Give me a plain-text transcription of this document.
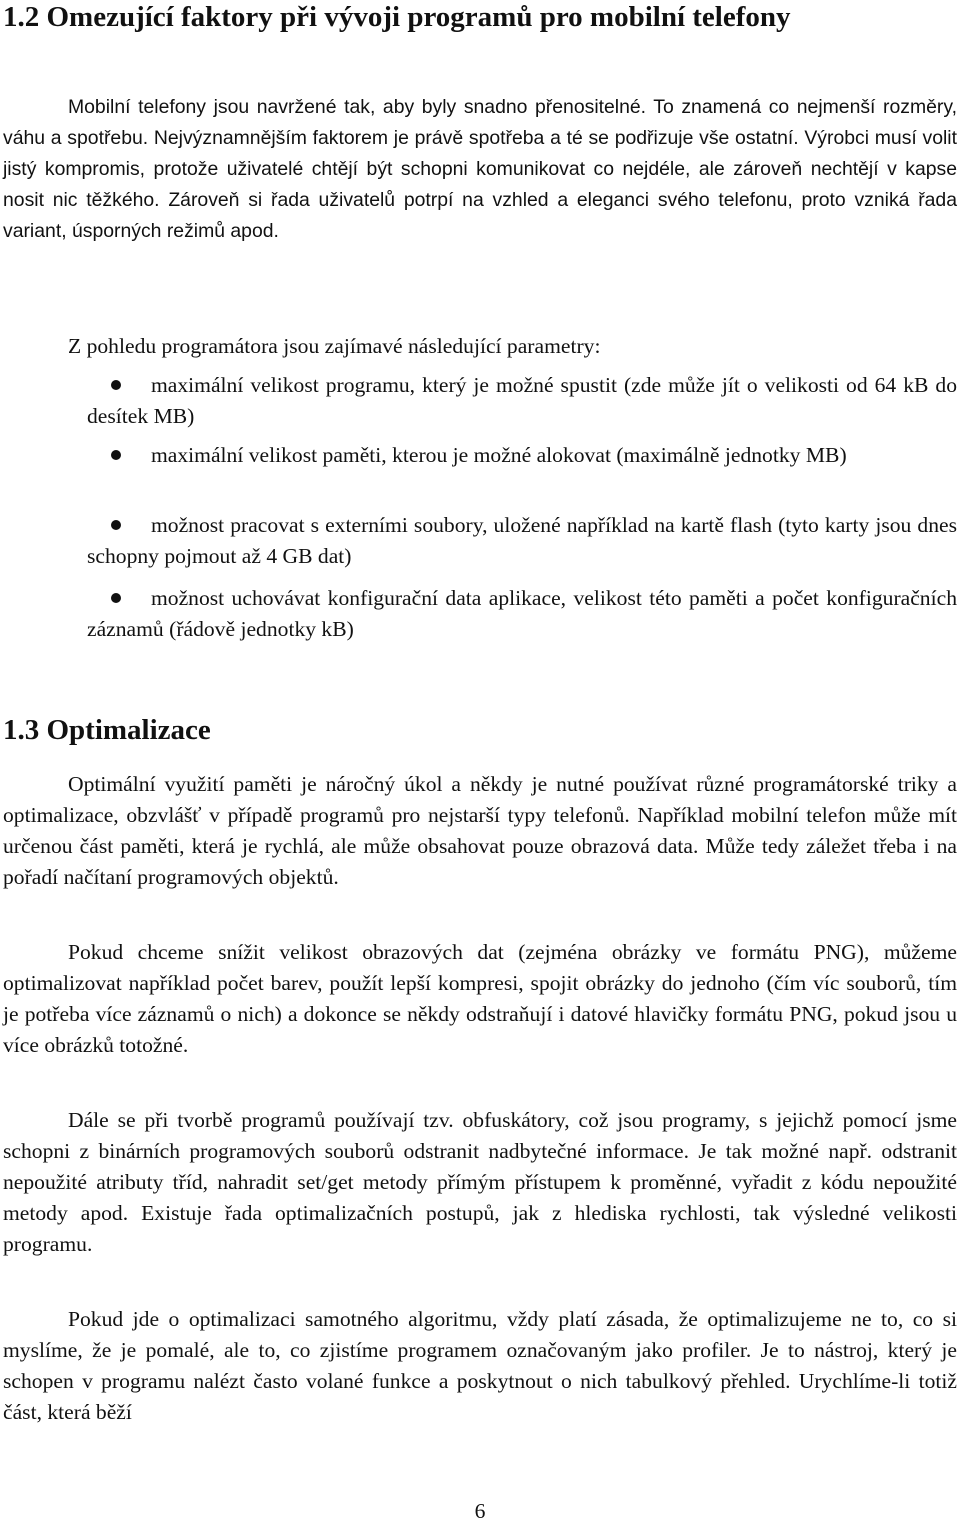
1.2 Omezující faktory při vývoji programů pro mobilní telefony

Mobilní telefony jsou navržené tak, aby byly snadno přenositelné. To znamená co nejmenší rozměry, váhu a spotřebu. Nejvýznamnějším faktorem je právě spotřeba a té se podřizuje vše ostatní. Výrobci musí volit jistý kompromis, protože uživatelé chtějí být schopni komunikovat co nejdéle, ale zároveň nechtějí v kapse nosit nic těžkého. Zároveň si řada uživatelů potrpí na vzhled a eleganci svého telefonu, proto vzniká řada variant, úsporných režimů apod.

Z pohledu programátora jsou zajímavé následující parametry:

maximální velikost programu, který je možné spustit (zde může jít o velikosti od 64 kB do desítek MB)
maximální velikost paměti, kterou je možné alokovat (maximálně jednotky MB)
možnost pracovat s externími soubory, uložené například na kartě flash (tyto karty jsou dnes schopny pojmout až 4 GB dat)
možnost uchovávat konfigurační data aplikace, velikost této paměti a počet konfiguračních záznamů (řádově jednotky kB)
1.3 Optimalizace

Optimální využití paměti je náročný úkol a někdy je nutné používat různé programátorské triky a optimalizace, obzvlášť v případě programů pro nejstarší typy telefonů. Například mobilní telefon může mít určenou část paměti, která je rychlá, ale může obsahovat pouze obrazová data. Může tedy záležet třeba i na pořadí načítaní programových objektů.

Pokud chceme snížit velikost obrazových dat (zejména obrázky ve formátu PNG), můžeme optimalizovat například počet barev, použít lepší kompresi, spojit obrázky do jednoho (čím víc souborů, tím je potřeba více záznamů o nich) a dokonce se někdy odstraňují i datové hlavičky formátu PNG, pokud jsou u více obrázků totožné.

Dále se při tvorbě programů používají tzv. obfuskátory, což jsou programy, s jejichž pomocí jsme schopni z binárních programových souborů odstranit nadbytečné informace. Je tak možné např. odstranit nepoužité atributy tříd, nahradit set/get metody přímým přístupem k proměnné, vyřadit z kódu nepoužité metody apod. Existuje řada optimalizačních postupů, jak z hlediska rychlosti, tak výsledné velikosti programu.

Pokud jde o optimalizaci samotného algoritmu, vždy platí zásada, že optimalizujeme ne to, co si myslíme, že je pomalé, ale to, co zjistíme programem označovaným jako profiler. Je to nástroj, který je schopen v programu nalézt často volané funkce a poskytnout o nich tabulkový přehled. Urychlíme-li totiž část, která běží

6
